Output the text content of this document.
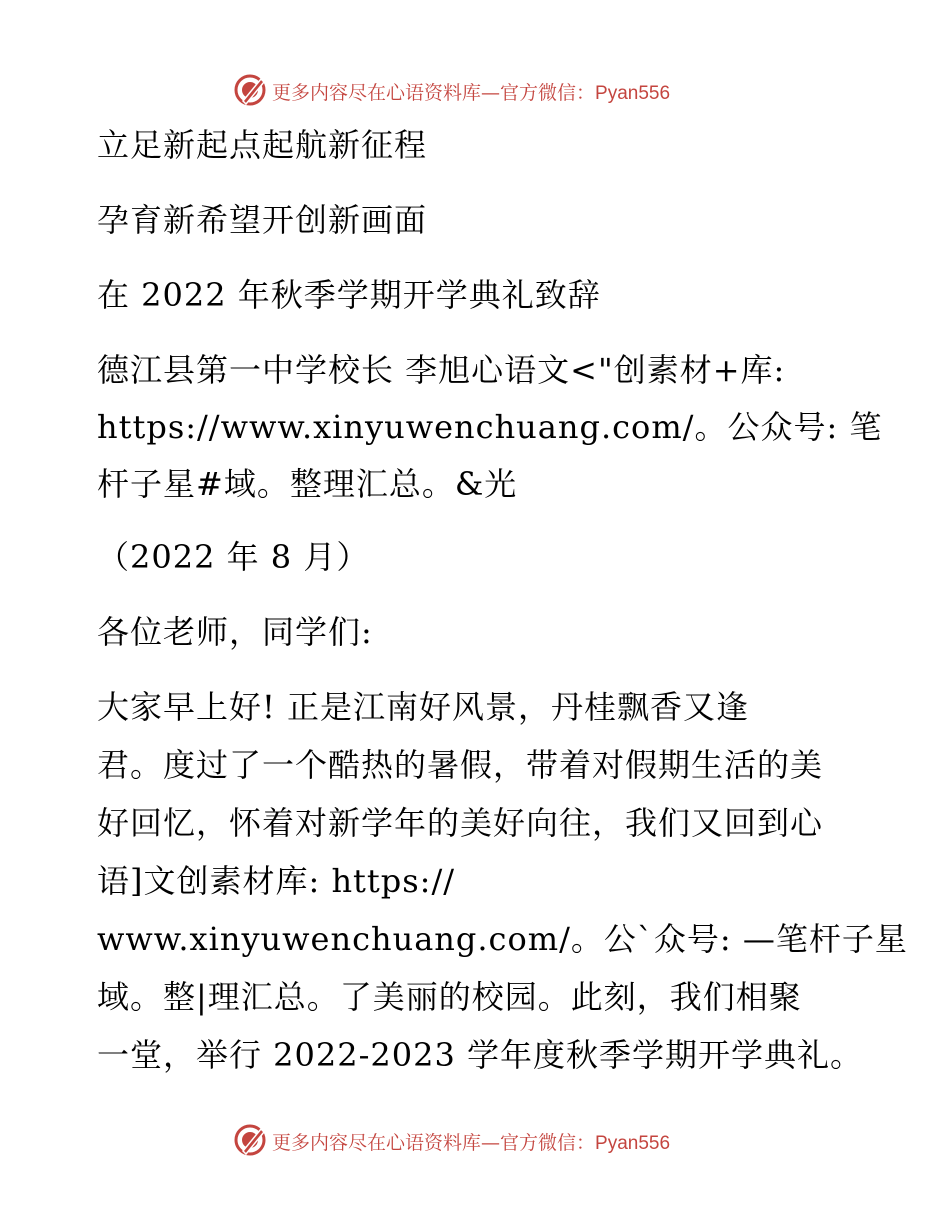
更多内容尽在心语资料库—官方微信：Pyan556
立足新起点起航新征程
孕育新希望开创新画面
在 2022 年秋季学期开学典礼致辞
德江县第一中学校长 李旭心语文<"创素材+库:
https://www.xinyuwenchuang.com/。公众号: 笔
杆子星#域。整理汇总。&光
（2022 年 8 月）
各位老师，同学们:
大家早上好! 正是江南好风景，丹桂飘香又逢
君。度过了一个酷热的暑假，带着对假期生活的美
好回忆，怀着对新学年的美好向往，我们又回到心
语]文创素材库: https://
www.xinyuwenchuang.com/。公`众号: —笔杆子星
域。整|理汇总。了美丽的校园。此刻，我们相聚
一堂，举行 2022-2023 学年度秋季学期开学典礼。
更多内容尽在心语资料库—官方微信：Pyan556
